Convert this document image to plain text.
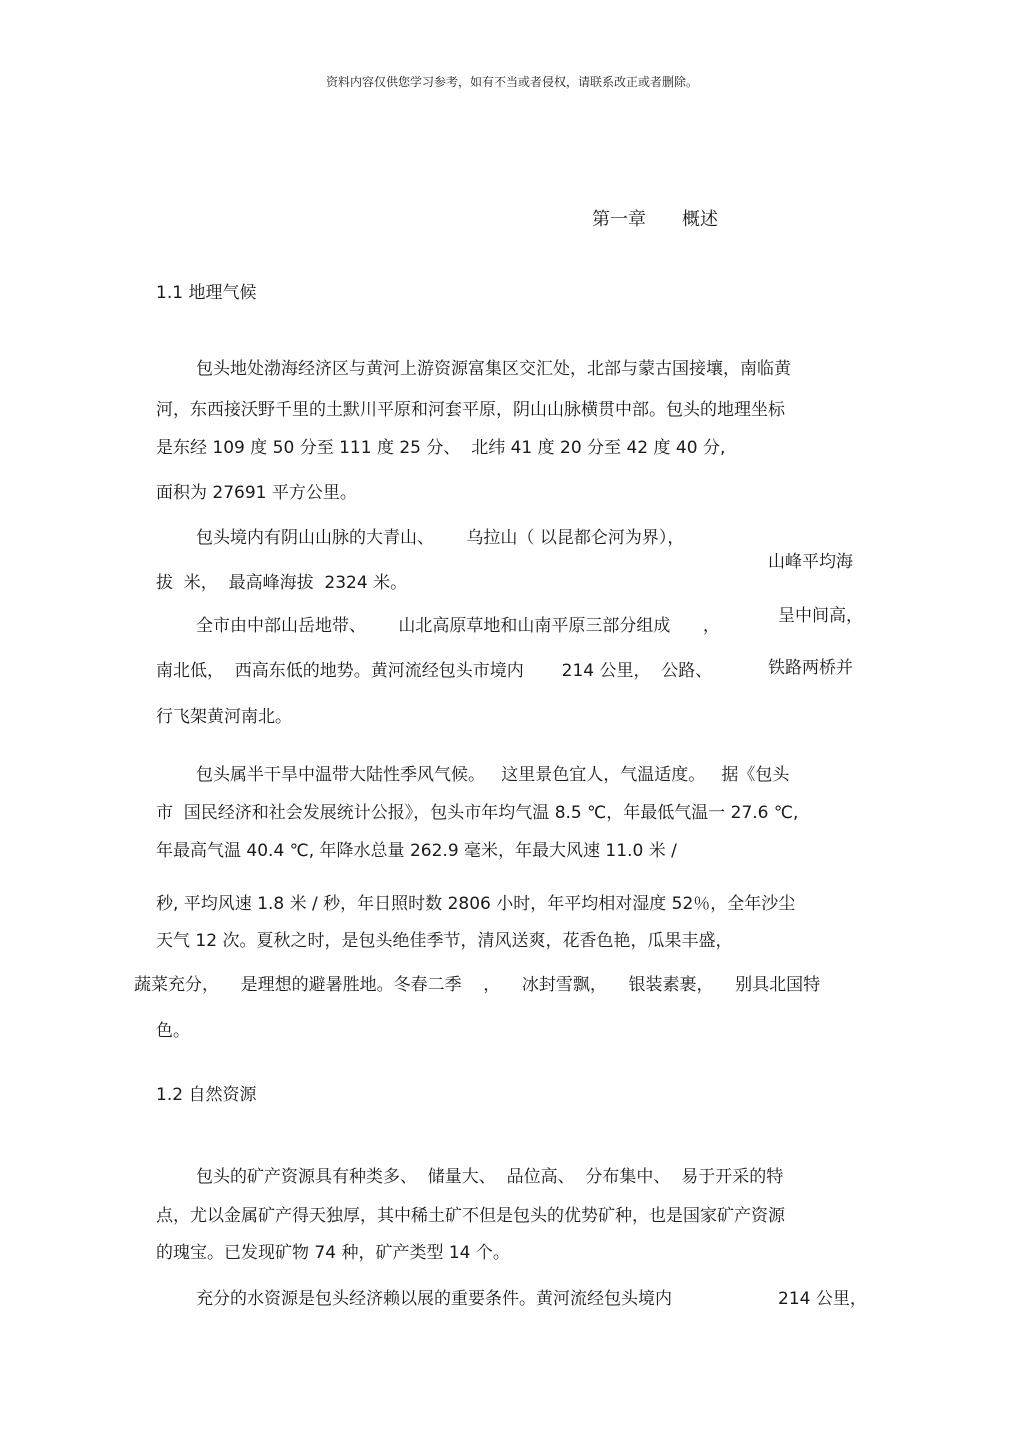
资料内容仅供您学习参考，如有不当或者侵权，请联系改正或者删除。
第一章　　概述
1.1 地理气候
包头地处渤海经济区与黄河上游资源富集区交汇处，北部与蒙古国接壤，南临黄
河，东西接沃野千里的土默川平原和河套平原，阴山山脉横贯中部。包头的地理坐标
是东经 109 度 50 分至 111 度 25 分、  北纬 41 度 20 分至 42 度 40 分,
面积为 27691 平方公里。
包头境内有阴山山脉的大青山、      乌拉山（ 以昆都仑河为界），
山峰平均海
拔  米，  最高峰海拔  2324 米。
全市由中部山岳地带、      山北高原草地和山南平原三部分组成      ，	呈中间高，
南北低，  西高东低的地势。黄河流经包头市境内       214 公里，  公路、	铁路两桥并
行飞架黄河南北。
包头属半干旱中温带大陆性季风气候。   这里景色宜人，气温适度。   据《包头
市  国民经济和社会发展统计公报》，包头市年均气温 8.5 ℃，年最低气温一 27.6 ℃,
年最高气温 40.4 ℃, 年降水总量 262.9 毫米，年最大风速 11.0 米 /
秒, 平均风速 1.8 米 / 秒，年日照时数 2806 小时，年平均相对湿度 52％，全年沙尘
天气 12 次。夏秋之时，是包头绝佳季节，清风送爽，花香色艳，瓜果丰盛，
蔬菜充分，    是理想的避暑胜地。冬春二季    ，    冰封雪飘，    银装素裹，    别具北国特
色。
1.2 自然资源
包头的矿产资源具有种类多、  储量大、  品位高、  分布集中、  易于开采的特
点，尤以金属矿产得天独厚，其中稀土矿不但是包头的优势矿种，也是国家矿产资源
的瑰宝。已发现矿物 74 种，矿产类型 14 个。
充分的水资源是包头经济赖以展的重要条件。黄河流经包头境内	214 公里，
